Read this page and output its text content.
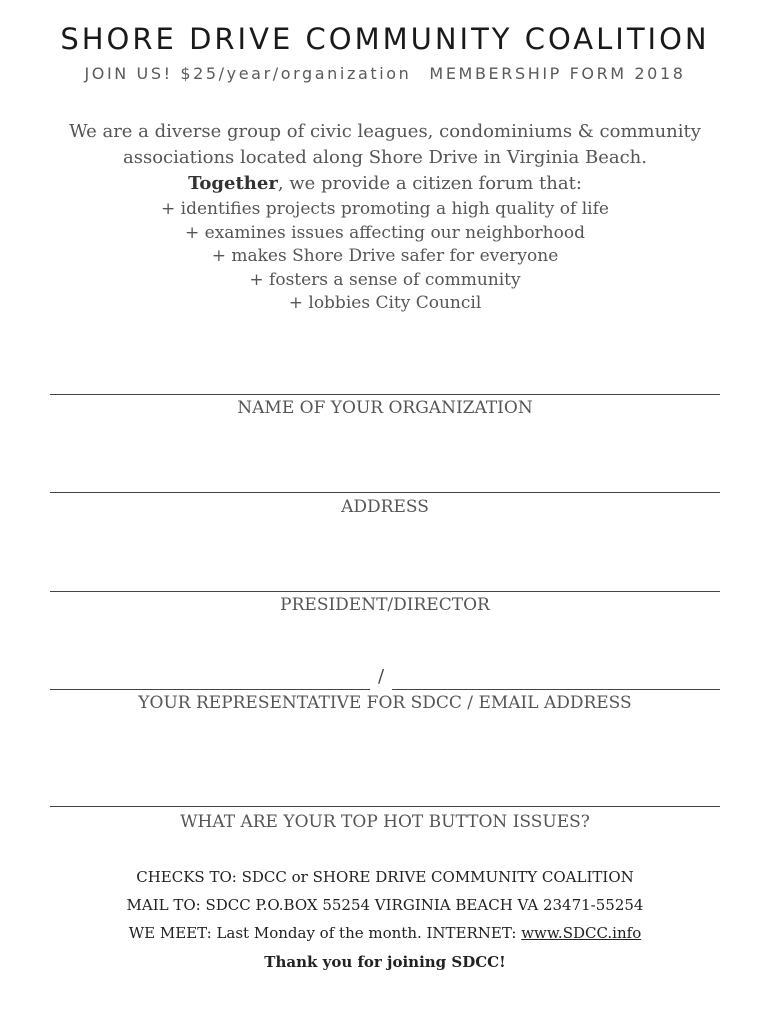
SHORE DRIVE COMMUNITY COALITION
JOIN US! $25/year/organization MEMBERSHIP FORM 2018
We are a diverse group of civic leagues, condominiums & community
associations located along Shore Drive in Virginia Beach.
Together, we provide a citizen forum that:
+ identifies projects promoting a high quality of life
+ examines issues affecting our neighborhood
+ makes Shore Drive safer for everyone
+ fosters a sense of community
+ lobbies City Council
NAME OF YOUR ORGANIZATION
ADDRESS
PRESIDENT/DIRECTOR
/
YOUR REPRESENTATIVE FOR SDCC / EMAIL ADDRESS
WHAT ARE YOUR TOP HOT BUTTON ISSUES?
CHECKS TO: SDCC or SHORE DRIVE COMMUNITY COALITION
MAIL TO: SDCC P.O.BOX 55254 VIRGINIA BEACH VA 23471-55254
WE MEET: Last Monday of the month. INTERNET: www.SDCC.info
Thank you for joining SDCC!
